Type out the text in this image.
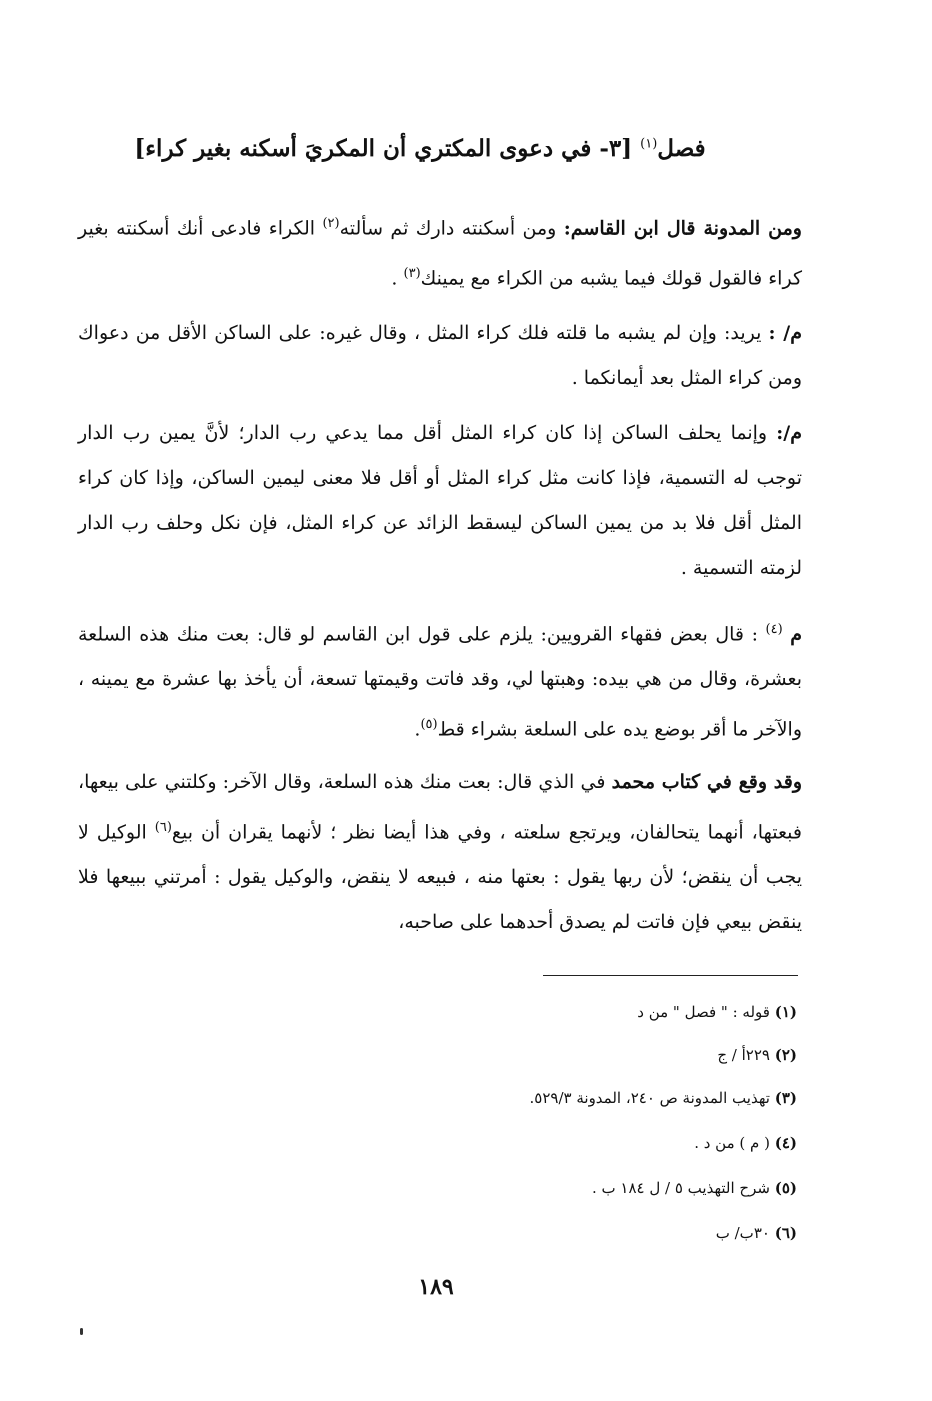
فصل$^{(١)}$ [٣- في دعوى المكتري أن المكريَ أسكنه بغير كراء]
ومن المدونة قال ابن القاسم: ومن أسكنته دارك ثم سألته$^{(٢)}$ الكراء فادعى أنك أسكنته بغير كراء فالقول قولك فيما يشبه من الكراء مع يمينك$^{(٣)}$ .
م/ : يريد: وإن لم يشبه ما قلته فلك كراء المثل ، وقال غيره: على الساكن الأقل من دعواك ومن كراء المثل بعد أيمانكما .
م/: وإنما يحلف الساكن إذا كان كراء المثل أقل مما يدعي رب الدار؛ لأنَّ يمين رب الدار توجب له التسمية، فإذا كانت مثل كراء المثل أو أقل فلا معنى ليمين الساكن، وإذا كان كراء المثل أقل فلا بد من يمين الساكن ليسقط الزائد عن كراء المثل، فإن نكل وحلف رب الدار لزمته التسمية .
م $^{(٤)}$ : قال بعض فقهاء القرويين: يلزم على قول ابن القاسم لو قال: بعت منك هذه السلعة بعشرة، وقال من هي بيده: وهبتها لي، وقد فاتت وقيمتها تسعة، أن يأخذ بها عشرة مع يمينه ، والآخر ما أقر بوضع يده على السلعة بشراء قط$^{(٥)}$.
وقد وقع في كتاب محمد في الذي قال: بعت منك هذه السلعة، وقال الآخر: وكلتني على بيعها، فبعتها، أنهما يتحالفان، ويرتجع سلعته ، وفي هذا أيضا نظر ؛ لأنهما يقران أن بيع$^{(٦)}$ الوكيل لا يجب أن ينقض؛ لأن ربها يقول : بعتها منه ، فبيعه لا ينقض، والوكيل يقول : أمرتني ببيعها فلا ينقض بيعي فإن فاتت لم يصدق أحدهما على صاحبه،
(١) قوله : " فصل " من د
(٢) ٢٢٩أ / ج
(٣) تهذيب المدونة ص ٢٤٠، المدونة ٥٢٩/٣.
(٤) ( م ) من د .
(٥) شرح التهذيب ٥ / ل ١٨٤ ب .
(٦) ٣٠ب/ ب
١٨٩
